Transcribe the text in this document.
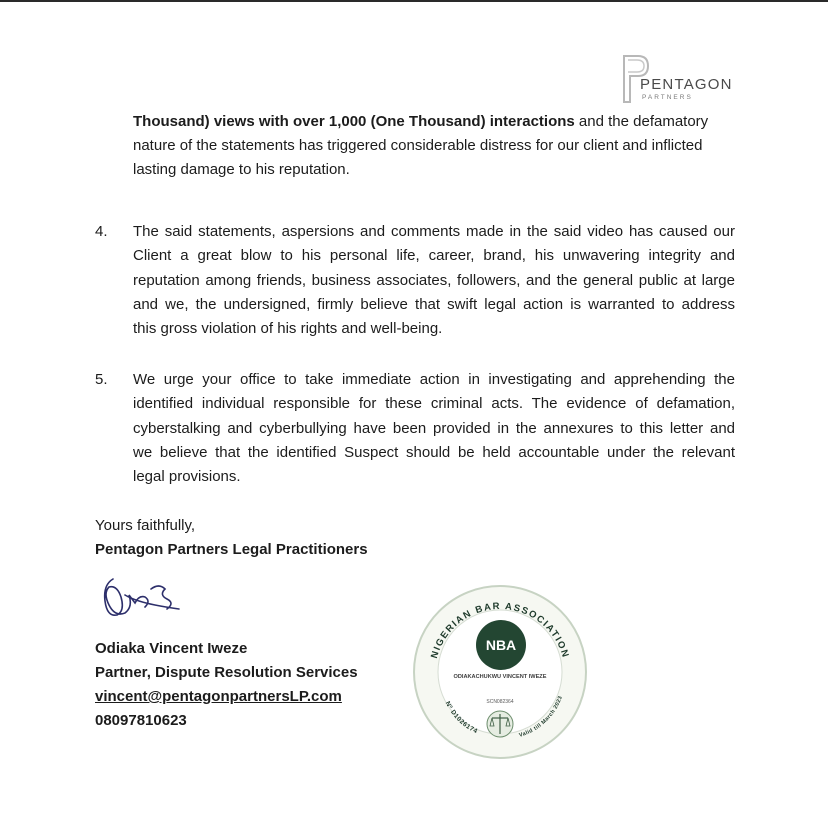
PENTAGON
PARTNERS
Thousand) views with over 1,000 (One Thousand) interactions and the defamatory
nature of the statements has triggered considerable distress for our client and inflicted
lasting damage to his reputation.
4. The said statements, aspersions and comments made in the said video has caused our
Client a great blow to his personal life, career, brand, his unwavering integrity and
reputation among friends, business associates, followers, and the general public at large
and we, the undersigned, firmly believe that swift legal action is warranted to address
this gross violation of his rights and well-being.
5. We urge your office to take immediate action in investigating and apprehending the
identified individual responsible for these criminal acts. The evidence of defamation,
cyberstalking and cyberbullying have been provided in the annexures to this letter and
we believe that the identified Suspect should be held accountable under the relevant
legal provisions.
Yours faithfully,
Pentagon Partners Legal Practitioners
Odiaka Vincent Iweze
Partner, Dispute Resolution Services
vincent@pentagonpartnersLP.com
08097810623
NIGERIAN BAR ASSOCIATION
Nº D1026174
Valid till March 2023
NBA
ODIAKACHUKWU VINCENT IWEZE
SCN082364
